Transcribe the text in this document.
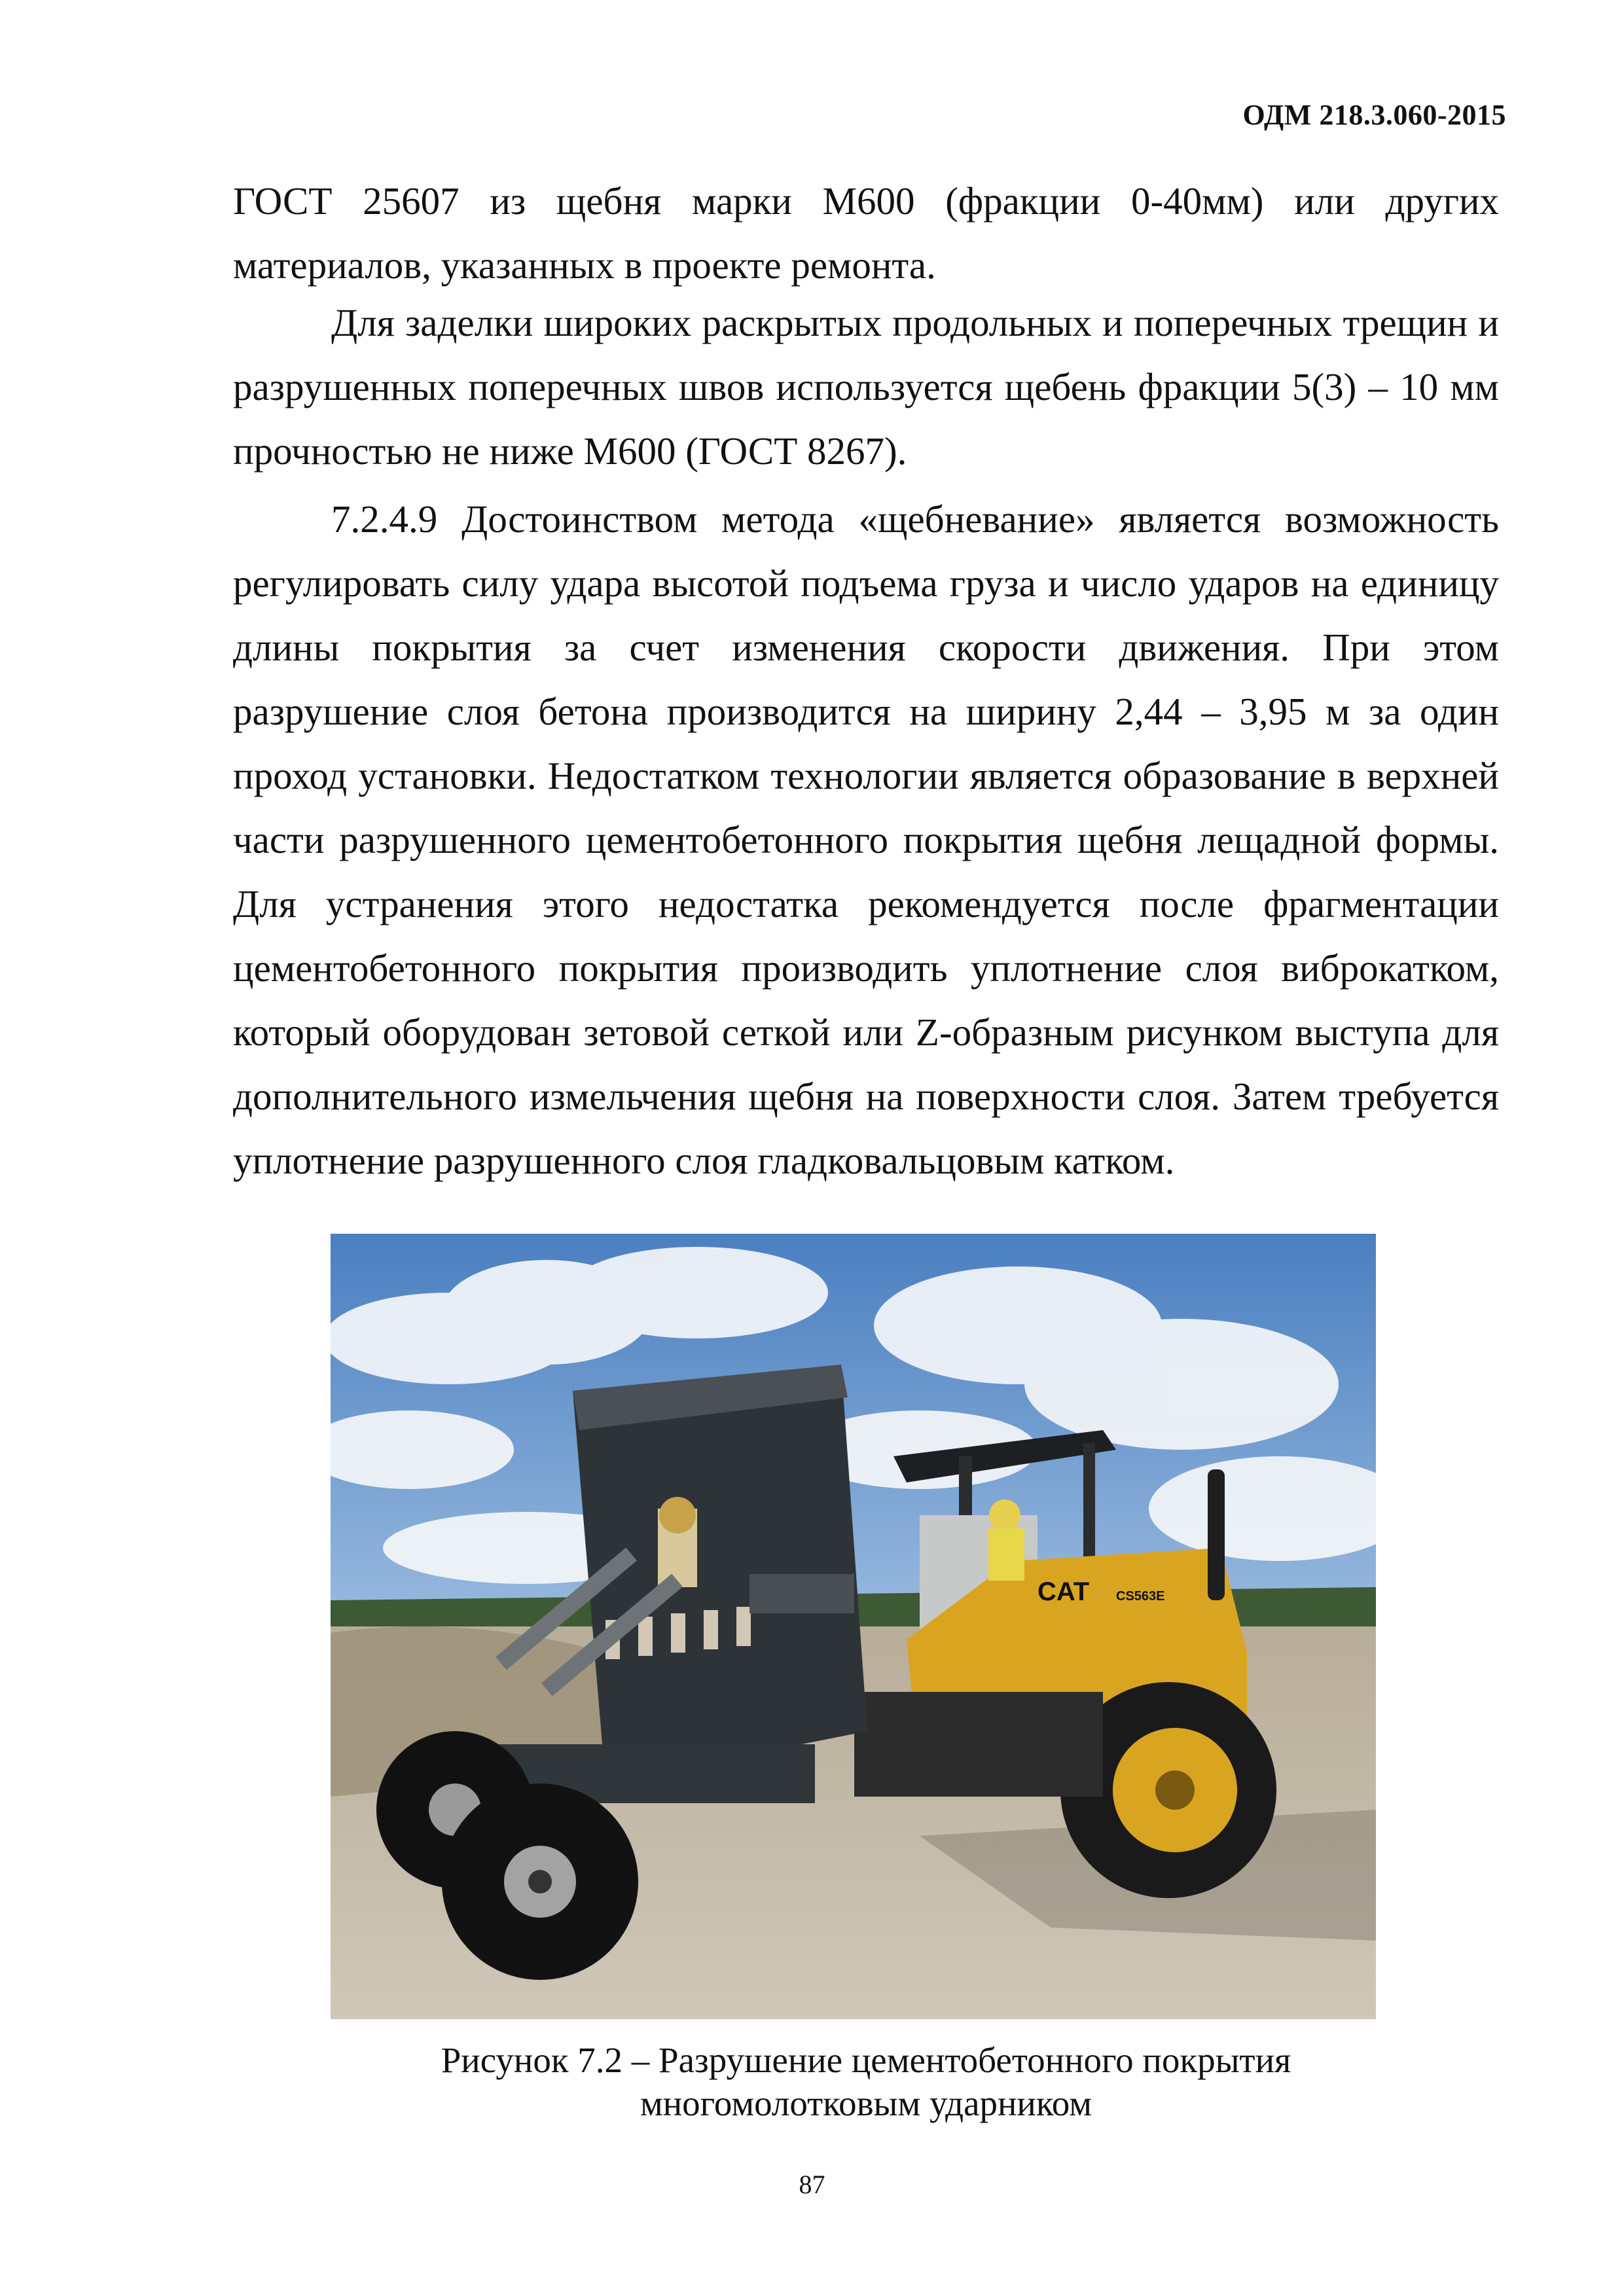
ОДМ 218.3.060-2015

ГОСТ 25607 из щебня марки М600 (фракции 0-40мм) или других материалов, указанных в проекте ремонта.

Для заделки широких раскрытых продольных и поперечных трещин и разрушенных поперечных швов используется щебень фракции 5(3) – 10 мм прочностью не ниже М600 (ГОСТ 8267).

7.2.4.9 Достоинством метода «щебневание» является возможность регулировать силу удара высотой подъема груза и число ударов на единицу длины покрытия за счет изменения скорости движения. При этом разрушение слоя бетона производится на ширину 2,44 – 3,95 м за один проход установки. Недостатком технологии является образование в верхней части разрушенного цементобетонного покрытия щебня лещадной формы. Для устранения этого недостатка рекомендуется после фрагментации цементобетонного покрытия производить уплотнение слоя виброкатком, который оборудован зетовой сеткой или Z-образным рисунком выступа для дополнительного измельчения щебня на поверхности слоя. Затем требуется уплотнение разрушенного слоя гладковальцовым катком.

CAT CS563E
Рисунок 7.2 – Разрушение цементобетонного покрытия
многомолотковым ударником
87
